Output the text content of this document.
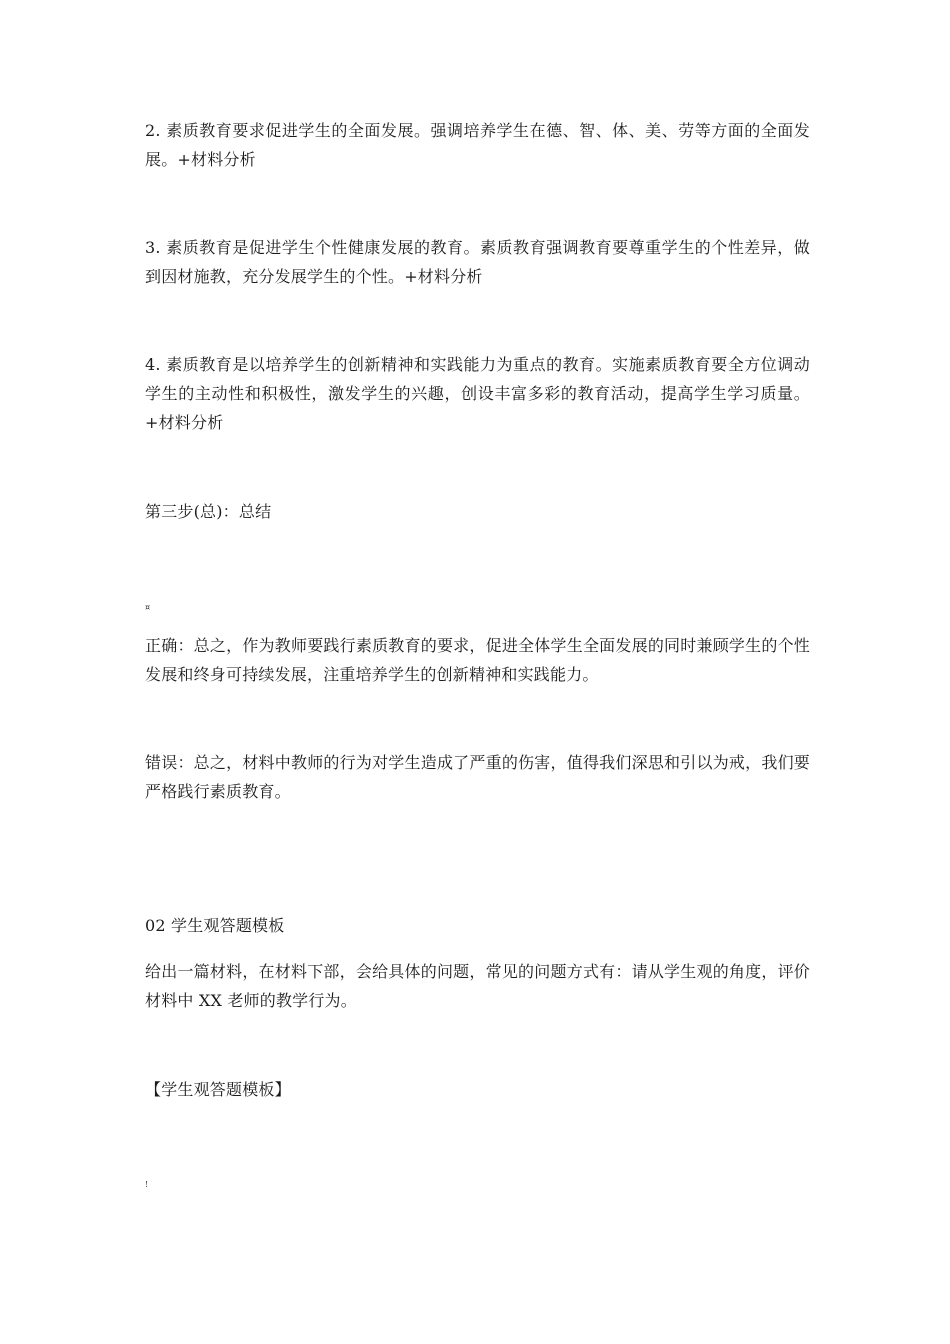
2. 素质教育要求促进学生的全面发展。强调培养学生在德、智、体、美、劳等方面的全面发展。+材料分析

3. 素质教育是促进学生个性健康发展的教育。素质教育强调教育要尊重学生的个性差异，做到因材施教，充分发展学生的个性。+材料分析

4. 素质教育是以培养学生的创新精神和实践能力为重点的教育。实施素质教育要全方位调动学生的主动性和积极性，激发学生的兴趣，创设丰富多彩的教育活动，提高学生学习质量。+材料分析

第三步(总)：总结

¤

正确：总之，作为教师要践行素质教育的要求，促进全体学生全面发展的同时兼顾学生的个性发展和终身可持续发展，注重培养学生的创新精神和实践能力。

错误：总之，材料中教师的行为对学生造成了严重的伤害，值得我们深思和引以为戒，我们要严格践行素质教育。

02 学生观答题模板

给出一篇材料，在材料下部，会给具体的问题，常见的问题方式有：请从学生观的角度，评价材料中 XX 老师的教学行为。

【学生观答题模板】

!
